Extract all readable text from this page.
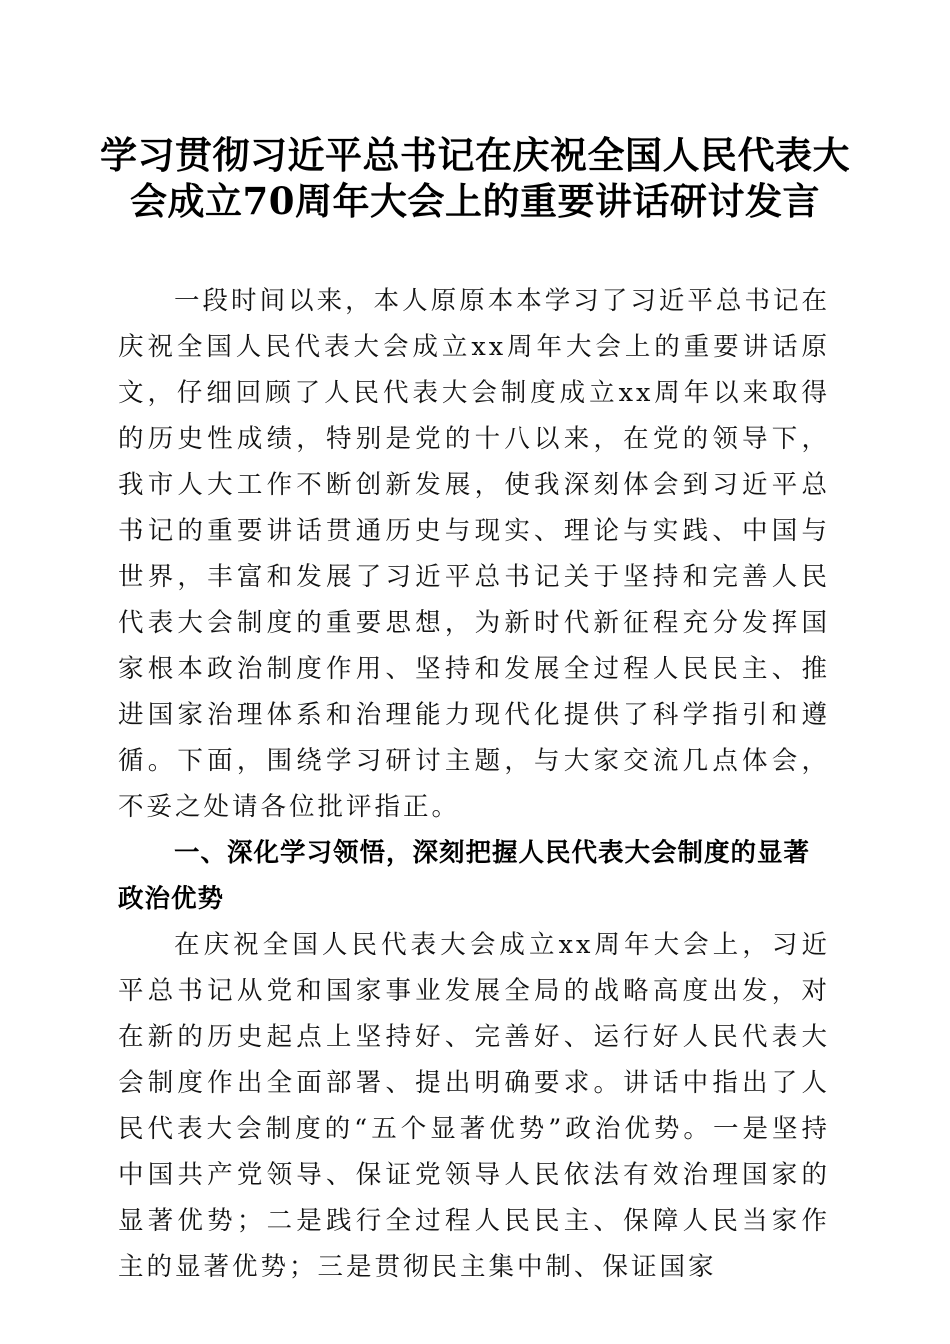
学习贯彻习近平总书记在庆祝全国人民代表大
会成立70周年大会上的重要讲话研讨发言

一段时间以来，本人原原本本学习了习近平总书记在庆祝全国人民代表大会成立xx周年大会上的重要讲话原文，仔细回顾了人民代表大会制度成立xx周年以来取得的历史性成绩，特别是党的十八以来，在党的领导下，我市人大工作不断创新发展，使我深刻体会到习近平总书记的重要讲话贯通历史与现实、理论与实践、中国与世界，丰富和发展了习近平总书记关于坚持和完善人民代表大会制度的重要思想，为新时代新征程充分发挥国家根本政治制度作用、坚持和发展全过程人民民主、推进国家治理体系和治理能力现代化提供了科学指引和遵循。下面，围绕学习研讨主题，与大家交流几点体会，不妥之处请各位批评指正。

一、深化学习领悟，深刻把握人民代表大会制度的显著政治优势

在庆祝全国人民代表大会成立xx周年大会上，习近平总书记从党和国家事业发展全局的战略高度出发，对在新的历史起点上坚持好、完善好、运行好人民代表大会制度作出全面部署、提出明确要求。讲话中指出了人民代表大会制度的“五个显著优势”政治优势。一是坚持中国共产党领导、保证党领导人民依法有效治理国家的显著优势；二是践行全过程人民民主、保障人民当家作主的显著优势；三是贯彻民主集中制、保证国家
